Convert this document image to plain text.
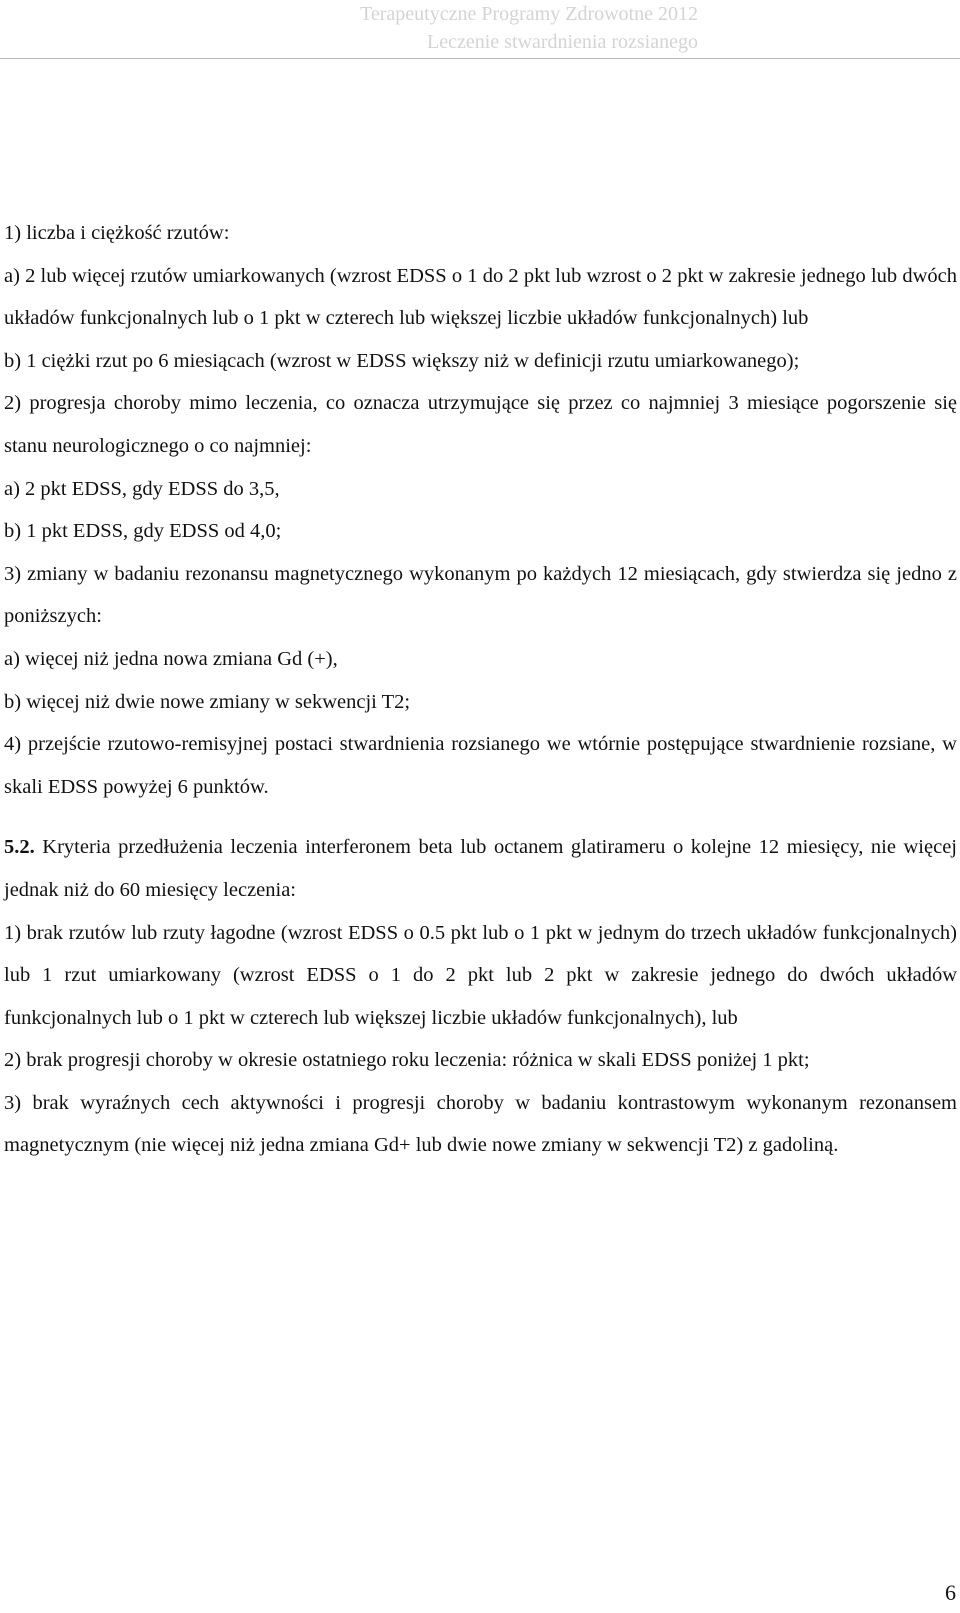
Terapeutyczne Programy Zdrowotne 2012
Leczenie stwardnienia rozsianego

1) liczba i ciężkość rzutów:

a) 2 lub więcej rzutów umiarkowanych (wzrost EDSS o 1 do 2 pkt lub wzrost o 2 pkt w zakresie jednego lub dwóch układów funkcjonalnych lub o 1 pkt w czterech lub większej liczbie układów funkcjonalnych) lub

b) 1 ciężki rzut po 6 miesiącach (wzrost w EDSS większy niż w definicji rzutu umiarkowanego);

2) progresja choroby mimo leczenia, co oznacza utrzymujące się przez co najmniej 3 miesiące pogorszenie się stanu neurologicznego o co najmniej:

a) 2 pkt EDSS, gdy EDSS do 3,5,

b) 1 pkt EDSS, gdy EDSS od 4,0;

3) zmiany w badaniu rezonansu magnetycznego wykonanym po każdych 12 miesiącach, gdy stwierdza się jedno z poniższych:

a) więcej niż jedna nowa zmiana Gd (+),

b) więcej niż dwie nowe zmiany w sekwencji T2;

4) przejście rzutowo-remisyjnej postaci stwardnienia rozsianego we wtórnie postępujące stwardnienie rozsiane, w skali EDSS powyżej 6 punktów.

5.2. Kryteria przedłużenia leczenia interferonem beta lub octanem glatirameru o kolejne 12 miesięcy, nie więcej jednak niż do 60 miesięcy leczenia:

1) brak rzutów lub rzuty łagodne (wzrost EDSS o 0.5 pkt lub o 1 pkt w jednym do trzech układów funkcjonalnych) lub 1 rzut umiarkowany (wzrost EDSS o 1 do 2 pkt lub 2 pkt w zakresie jednego do dwóch układów funkcjonalnych lub o 1 pkt w czterech lub większej liczbie układów funkcjonalnych), lub

2) brak progresji choroby w okresie ostatniego roku leczenia: różnica w skali EDSS poniżej 1 pkt;

3) brak wyraźnych cech aktywności i progresji choroby w badaniu kontrastowym wykonanym rezonansem magnetycznym (nie więcej niż jedna zmiana Gd+ lub dwie nowe zmiany w sekwencji T2) z gadoliną.

6
